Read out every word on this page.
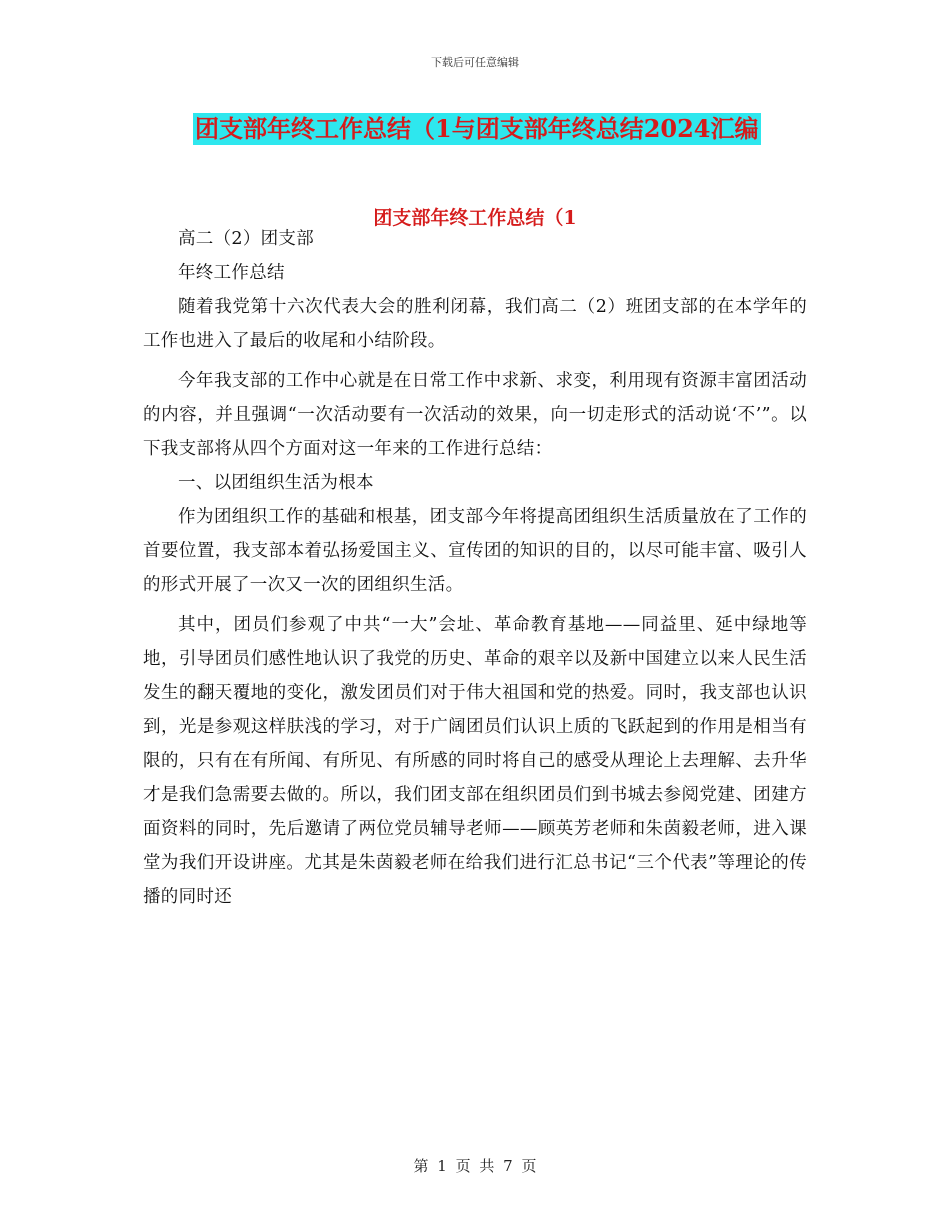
下载后可任意编辑
团支部年终工作总结（1与团支部年终总结2024汇编
团支部年终工作总结（1

高二（2）团支部

年终工作总结

随着我党第十六次代表大会的胜利闭幕，我们高二（2）班团支部的在本学年的工作也进入了最后的收尾和小结阶段。

今年我支部的工作中心就是在日常工作中求新、求变，利用现有资源丰富团活动的内容，并且强调“一次活动要有一次活动的效果，向一切走形式的活动说‘不’”。以下我支部将从四个方面对这一年来的工作进行总结：

一、以团组织生活为根本

作为团组织工作的基础和根基，团支部今年将提高团组织生活质量放在了工作的首要位置，我支部本着弘扬爱国主义、宣传团的知识的目的，以尽可能丰富、吸引人的形式开展了一次又一次的团组织生活。

其中，团员们参观了中共“一大”会址、革命教育基地——同益里、延中绿地等地，引导团员们感性地认识了我党的历史、革命的艰辛以及新中国建立以来人民生活发生的翻天覆地的变化，激发团员们对于伟大祖国和党的热爱。同时，我支部也认识到，光是参观这样肤浅的学习，对于广阔团员们认识上质的飞跃起到的作用是相当有限的，只有在有所闻、有所见、有所感的同时将自己的感受从理论上去理解、去升华才是我们急需要去做的。所以，我们团支部在组织团员们到书城去参阅党建、团建方面资料的同时，先后邀请了两位党员辅导老师——顾英芳老师和朱茵毅老师，进入课堂为我们开设讲座。尤其是朱茵毅老师在给我们进行汇总书记“三个代表”等理论的传播的同时还

第 1 页 共 7 页
